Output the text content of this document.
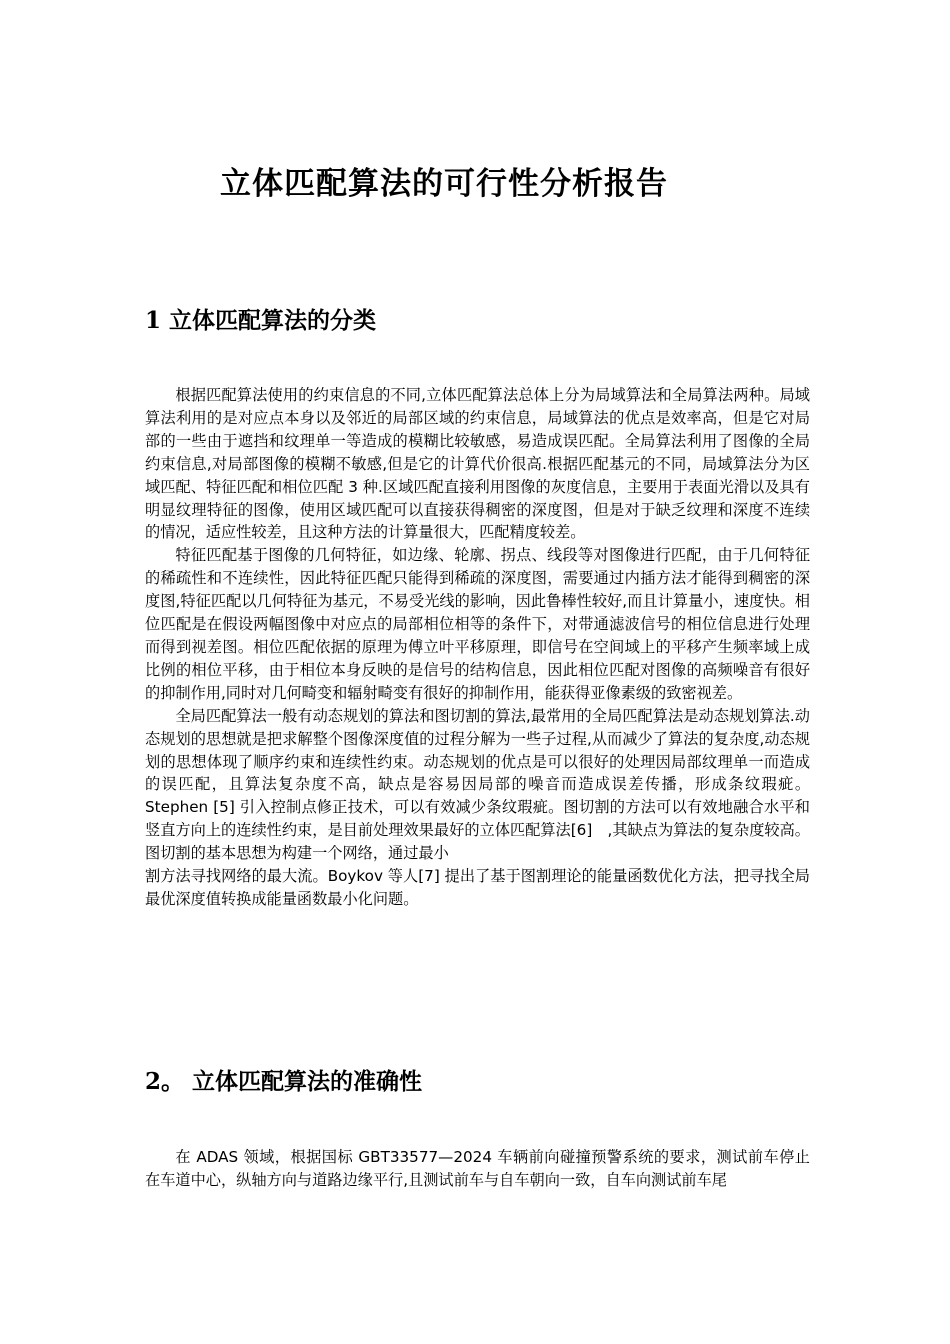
立体匹配算法的可行性分析报告
1 立体匹配算法的分类

根据匹配算法使用的约束信息的不同,立体匹配算法总体上分为局域算法和全局算法两种。局域算法利用的是对应点本身以及邻近的局部区域的约束信息，局域算法的优点是效率高，但是它对局部的一些由于遮挡和纹理单一等造成的模糊比较敏感，易造成误匹配。全局算法利用了图像的全局约束信息,对局部图像的模糊不敏感,但是它的计算代价很高.根据匹配基元的不同，局域算法分为区域匹配、特征匹配和相位匹配 3 种.区域匹配直接利用图像的灰度信息，主要用于表面光滑以及具有明显纹理特征的图像，使用区域匹配可以直接获得稠密的深度图，但是对于缺乏纹理和深度不连续的情况，适应性较差，且这种方法的计算量很大，匹配精度较差。

特征匹配基于图像的几何特征，如边缘、轮廓、拐点、线段等对图像进行匹配，由于几何特征的稀疏性和不连续性，因此特征匹配只能得到稀疏的深度图，需要通过内插方法才能得到稠密的深度图,特征匹配以几何特征为基元，不易受光线的影响，因此鲁棒性较好,而且计算量小，速度快。相位匹配是在假设两幅图像中对应点的局部相位相等的条件下，对带通滤波信号的相位信息进行处理而得到视差图。相位匹配依据的原理为傅立叶平移原理，即信号在空间域上的平移产生频率域上成比例的相位平移，由于相位本身反映的是信号的结构信息，因此相位匹配对图像的高频噪音有很好的抑制作用,同时对几何畸变和辐射畸变有很好的抑制作用，能获得亚像素级的致密视差。

全局匹配算法一般有动态规划的算法和图切割的算法,最常用的全局匹配算法是动态规划算法.动态规划的思想就是把求解整个图像深度值的过程分解为一些子过程,从而减少了算法的复杂度,动态规划的思想体现了顺序约束和连续性约束。动态规划的优点是可以很好的处理因局部纹理单一而造成的误匹配，且算法复杂度不高，缺点是容易因局部的噪音而造成误差传播，形成条纹瑕疵。Stephen [5] 引入控制点修正技术，可以有效减少条纹瑕疵。图切割的方法可以有效地融合水平和竖直方向上的连续性约束，是目前处理效果最好的立体匹配算法[6]　,其缺点为算法的复杂度较高。图切割的基本思想为构建一个网络，通过最小

割方法寻找网络的最大流。Boykov 等人[7] 提出了基于图割理论的能量函数优化方法，把寻找全局最优深度值转换成能量函数最小化问题。

2。 立体匹配算法的准确性

在 ADAS 领域，根据国标 GBT33577—2024 车辆前向碰撞预警系统的要求，测试前车停止在车道中心，纵轴方向与道路边缘平行,且测试前车与自车朝向一致，自车向测试前车尾
